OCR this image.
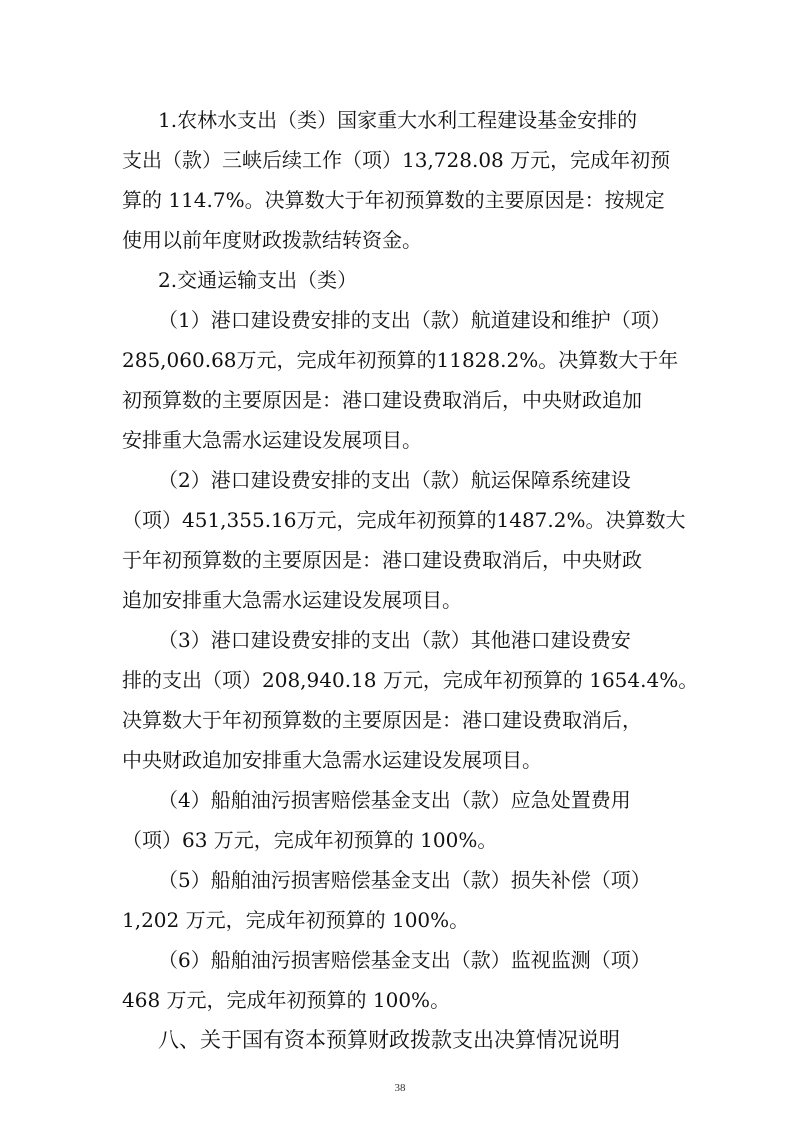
1.农林水支出（类）国家重大水利工程建设基金安排的
支出（款）三峡后续工作（项）13,728.08 万元，完成年初预
算的 114.7%。决算数大于年初预算数的主要原因是：按规定
使用以前年度财政拨款结转资金。
2.交通运输支出（类）
（1）港口建设费安排的支出（款）航道建设和维护（项）
285,060.68万元，完成年初预算的11828.2%。决算数大于年
初预算数的主要原因是：港口建设费取消后，中央财政追加
安排重大急需水运建设发展项目。
（2）港口建设费安排的支出（款）航运保障系统建设
（项）451,355.16万元，完成年初预算的1487.2%。决算数大
于年初预算数的主要原因是：港口建设费取消后，中央财政
追加安排重大急需水运建设发展项目。
（3）港口建设费安排的支出（款）其他港口建设费安
排的支出（项）208,940.18 万元，完成年初预算的 1654.4%。
决算数大于年初预算数的主要原因是：港口建设费取消后，
中央财政追加安排重大急需水运建设发展项目。
（4）船舶油污损害赔偿基金支出（款）应急处置费用
（项）63 万元，完成年初预算的 100%。
（5）船舶油污损害赔偿基金支出（款）损失补偿（项）
1,202 万元，完成年初预算的 100%。
（6）船舶油污损害赔偿基金支出（款）监视监测（项）
468 万元，完成年初预算的 100%。
八、关于国有资本预算财政拨款支出决算情况说明
38
